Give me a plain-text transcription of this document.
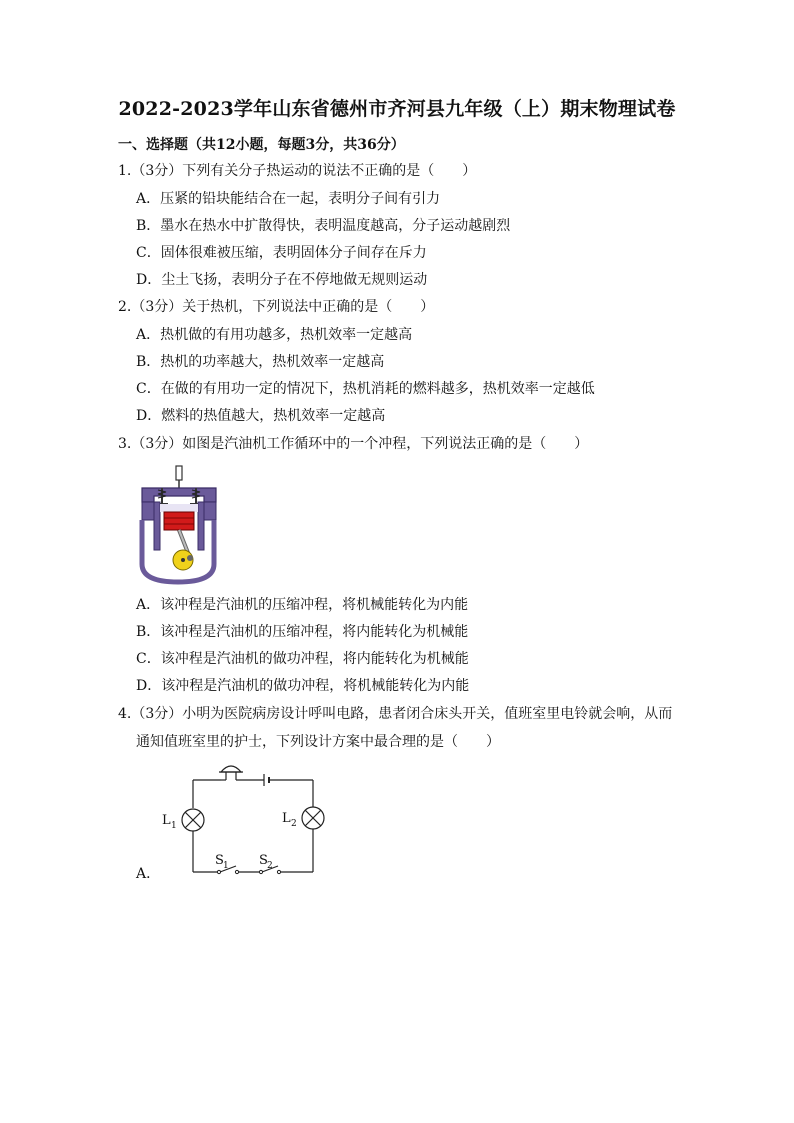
2022-2023学年山东省德州市齐河县九年级（上）期末物理试卷
一、选择题（共12小题，每题3分，共36分）
1.（3分）下列有关分子热运动的说法不正确的是（　　）
A．压紧的铅块能结合在一起，表明分子间有引力
B．墨水在热水中扩散得快，表明温度越高，分子运动越剧烈
C．固体很难被压缩，表明固体分子间存在斥力
D．尘土飞扬，表明分子在不停地做无规则运动
2.（3分）关于热机，下列说法中正确的是（　　）
A．热机做的有用功越多，热机效率一定越高
B．热机的功率越大，热机效率一定越高
C．在做的有用功一定的情况下，热机消耗的燃料越多，热机效率一定越低
D．燃料的热值越大，热机效率一定越高
3.（3分）如图是汽油机工作循环中的一个冲程，下列说法正确的是（　　）
A．该冲程是汽油机的压缩冲程，将机械能转化为内能
B．该冲程是汽油机的压缩冲程，将内能转化为机械能
C．该冲程是汽油机的做功冲程，将内能转化为机械能
D．该冲程是汽油机的做功冲程，将机械能转化为内能
4.（3分）小明为医院病房设计呼叫电路，患者闭合床头开关，值班室里电铃就会响，从而
通知值班室里的护士，下列设计方案中最合理的是（　　）
L 1	L 2
S 1 S 2
A．
